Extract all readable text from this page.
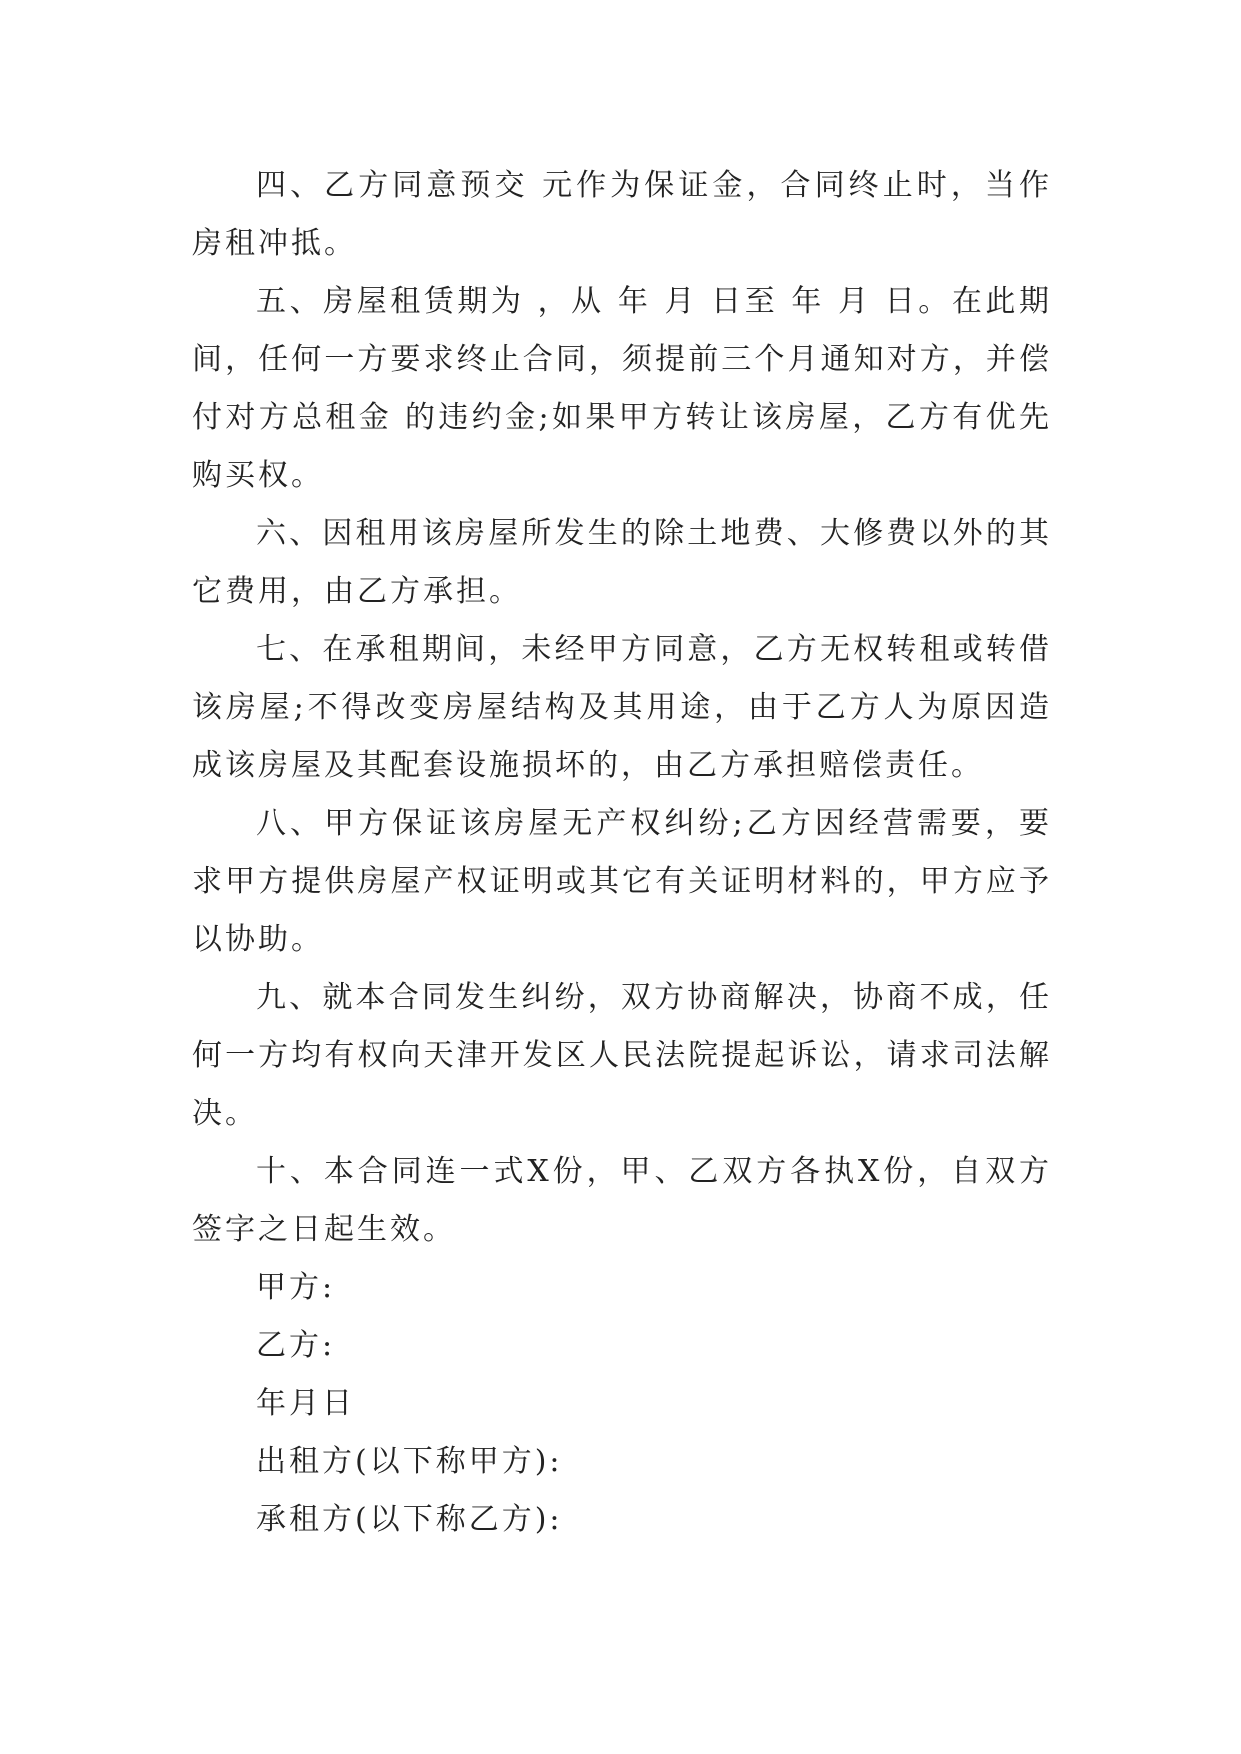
四、乙方同意预交 元作为保证金，合同终止时，当作房租冲抵。

五、房屋租赁期为 ，从 年 月 日至 年 月 日。在此期间，任何一方要求终止合同，须提前三个月通知对方，并偿付对方总租金 的违约金;如果甲方转让该房屋，乙方有优先购买权。

六、因租用该房屋所发生的除土地费、大修费以外的其它费用，由乙方承担。

七、在承租期间，未经甲方同意，乙方无权转租或转借该房屋;不得改变房屋结构及其用途，由于乙方人为原因造成该房屋及其配套设施损坏的，由乙方承担赔偿责任。

八、甲方保证该房屋无产权纠纷;乙方因经营需要，要求甲方提供房屋产权证明或其它有关证明材料的，甲方应予以协助。

九、就本合同发生纠纷，双方协商解决，协商不成，任何一方均有权向天津开发区人民法院提起诉讼，请求司法解决。

十、本合同连一式X份，甲、乙双方各执X份，自双方签字之日起生效。

甲方:

乙方:

年月日

出租方(以下称甲方):

承租方(以下称乙方):
